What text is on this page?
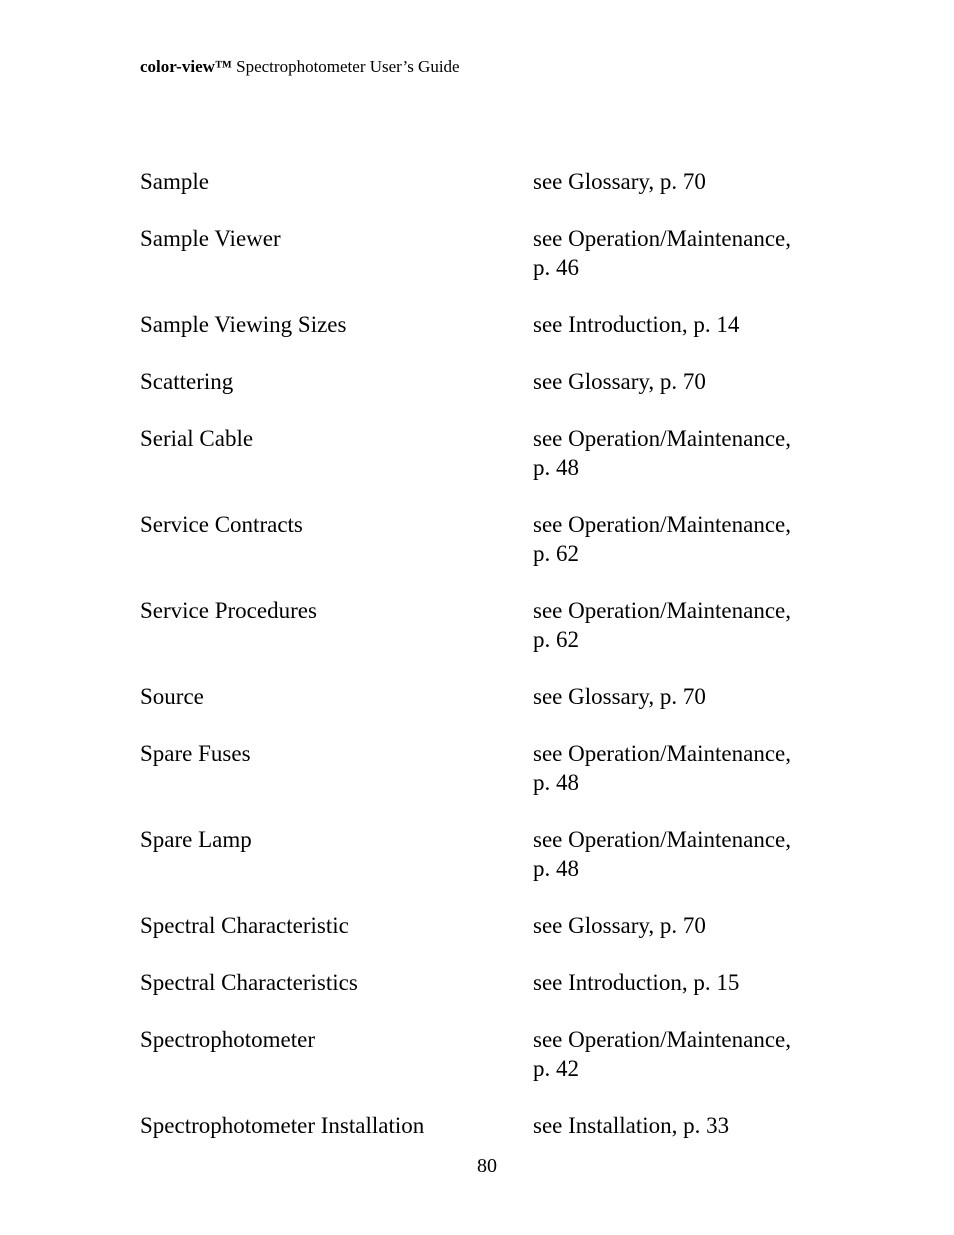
color-view™ Spectrophotometer User’s Guide
Sample	see Glossary, p. 70
Sample Viewer	see Operation/Maintenance,
p. 46
Sample Viewing Sizes	see Introduction, p. 14
Scattering	see Glossary, p. 70
Serial Cable	see Operation/Maintenance,
p. 48
Service Contracts	see Operation/Maintenance,
p. 62
Service Procedures	see Operation/Maintenance,
p. 62
Source	see Glossary, p. 70
Spare Fuses	see Operation/Maintenance,
p. 48
Spare Lamp	see Operation/Maintenance,
p. 48
Spectral Characteristic	see Glossary, p. 70
Spectral Characteristics	see Introduction, p. 15
Spectrophotometer	see Operation/Maintenance,
p. 42
Spectrophotometer Installation	see Installation, p. 33
80
